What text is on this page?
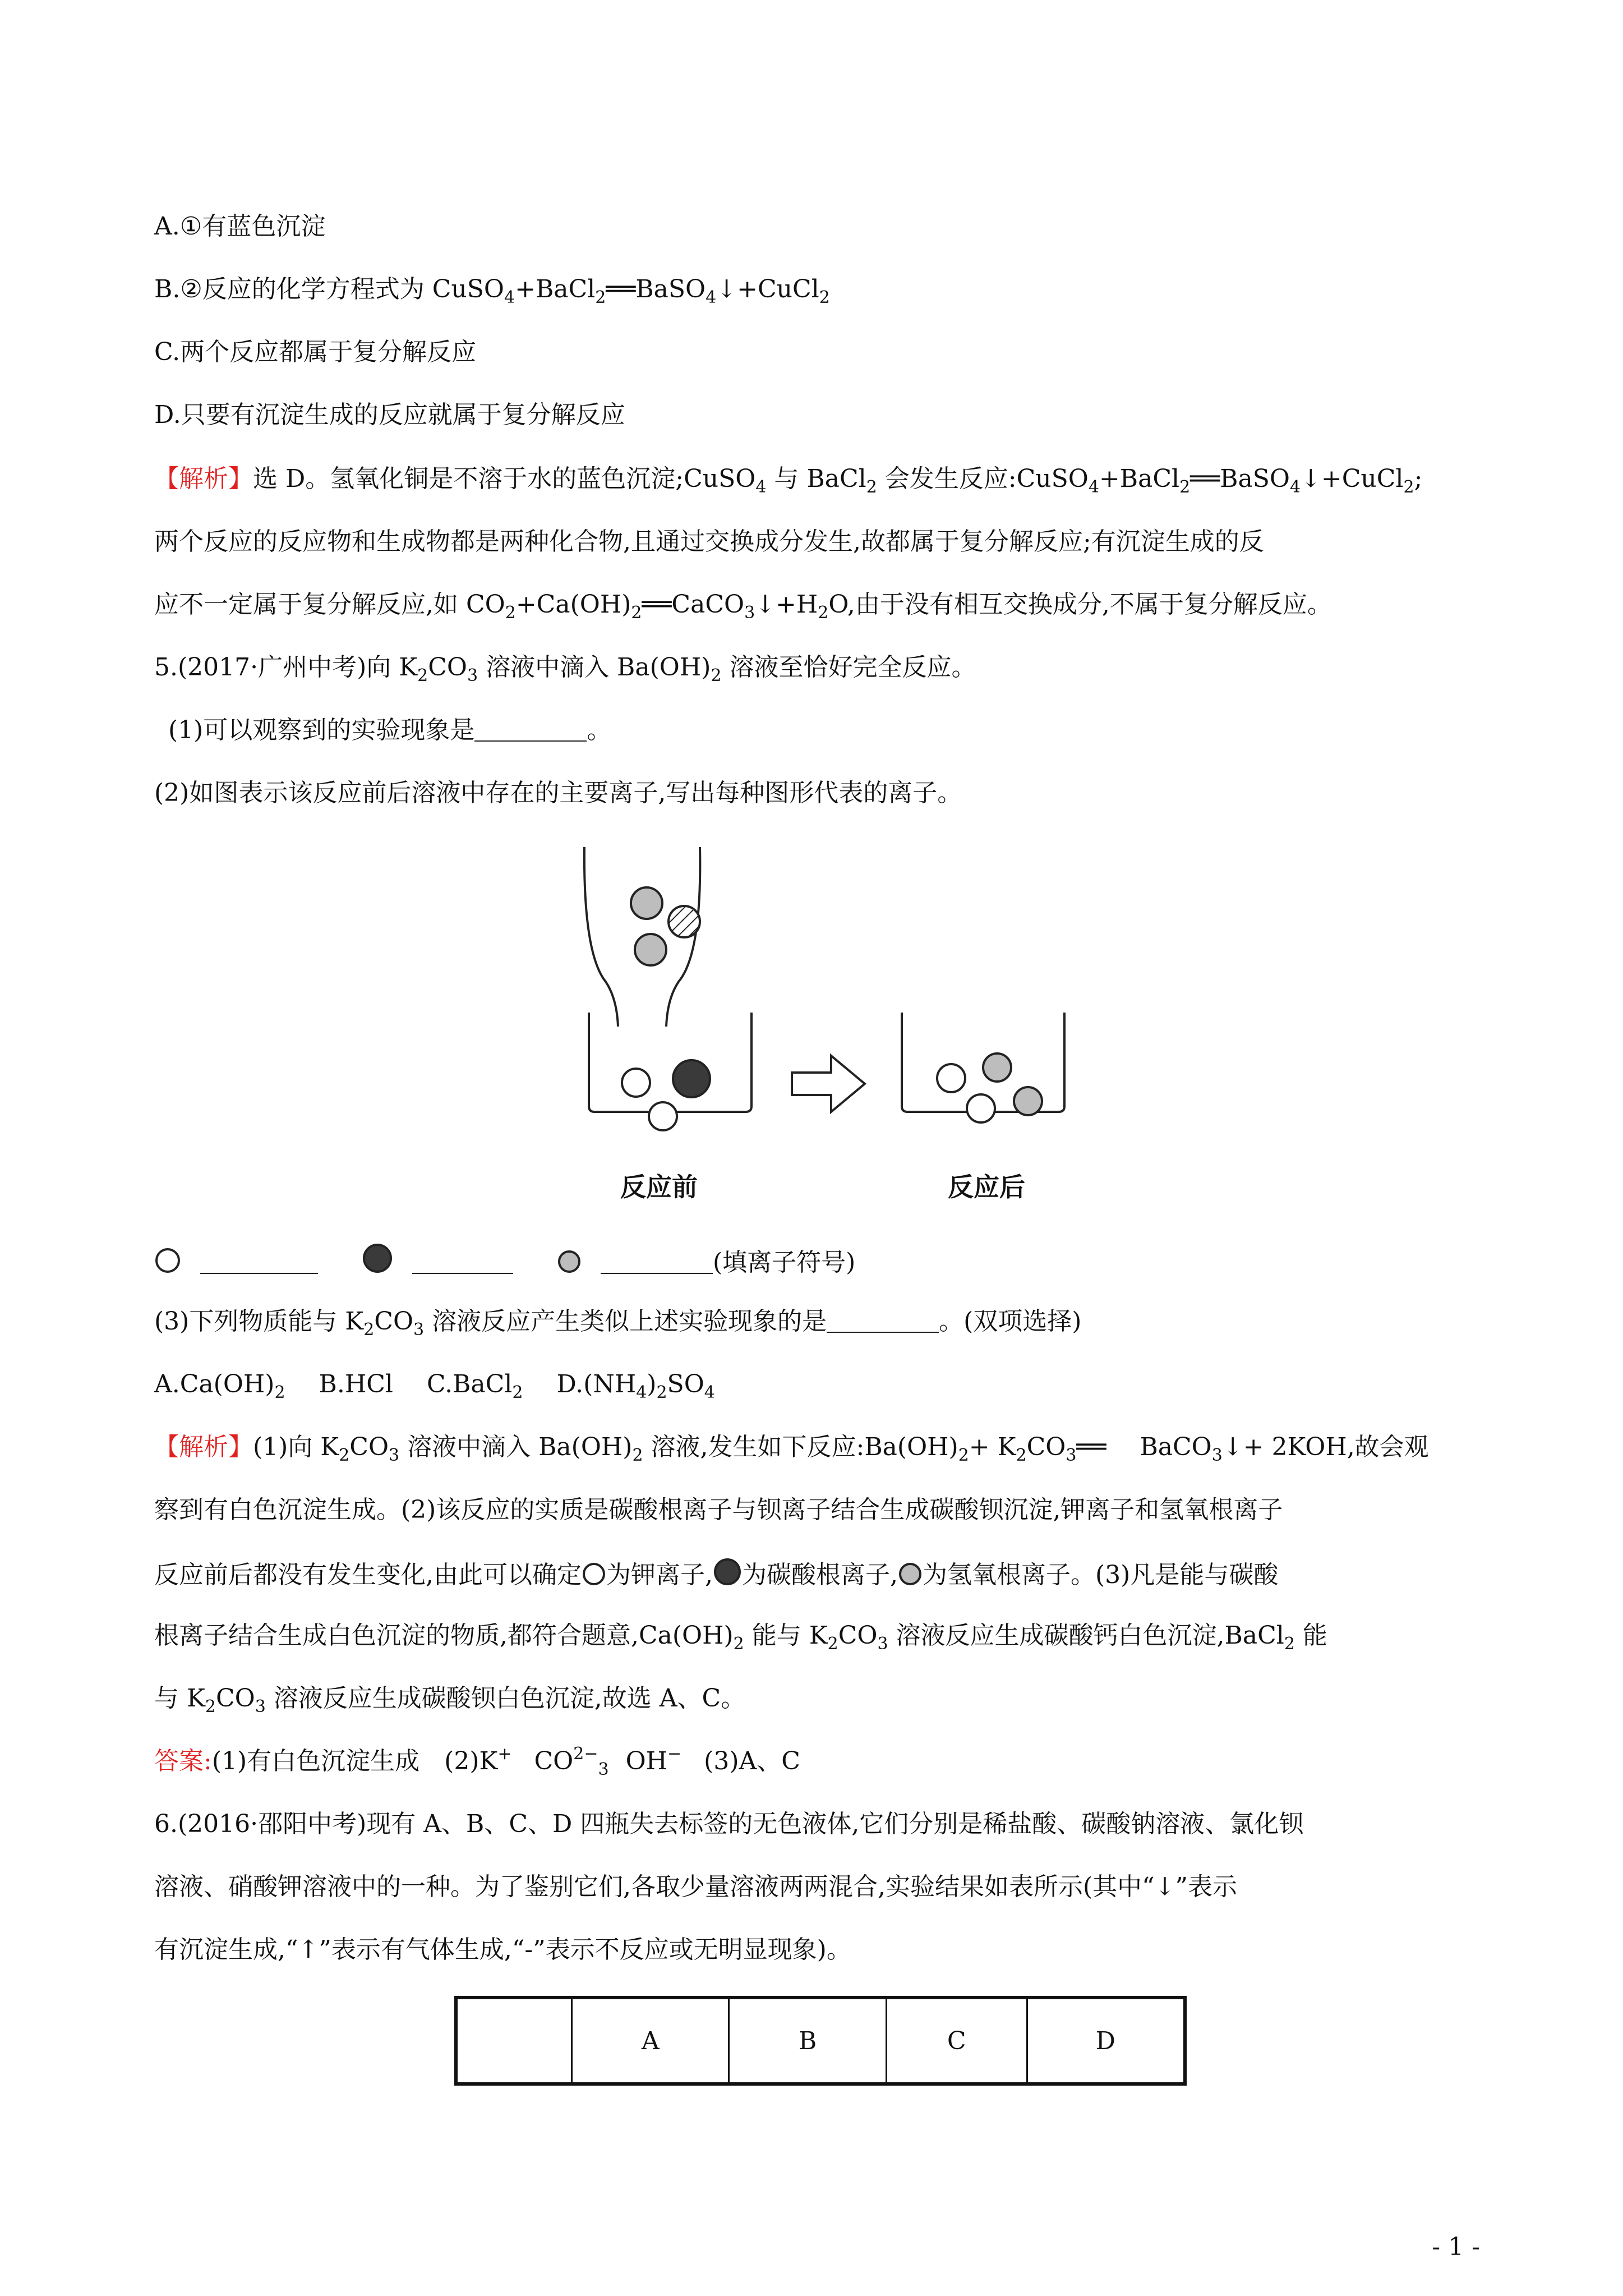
A.①有蓝色沉淀
B.②反应的化学方程式为 CuSO$_4$+BaCl$_2$══BaSO$_4$↓+CuCl$_2$
C.两个反应都属于复分解反应
D.只要有沉淀生成的反应就属于复分解反应
【解析】选 D。氢氧化铜是不溶于水的蓝色沉淀;CuSO$_4$ 与 BaCl$_2$ 会发生反应:CuSO$_4$+BaCl$_2$══BaSO$_4$↓+CuCl$_2$;
两个反应的反应物和生成物都是两种化合物,且通过交换成分发生,故都属于复分解反应;有沉淀生成的反
应不一定属于复分解反应,如 $CO_2+Ca(OH)_2══CaCO_3↓+H_2O$,由于没有相互交换成分,不属于复分解反应。
5.(2017·广州中考)向 $K_2CO_3$ 溶液中滴入 $Ba(OH)_2$ 溶液至恰好完全反应。
(1)可以观察到的实验现象是	。
(2)如图表示该反应前后溶液中存在的主要离子,写出每种图形代表的离子。
反应前	反应后
(填离子符号)
(3)下列物质能与 $K_2CO_3$ 溶液反应产生类似上述实验现象的是	。(双项选择)
$A.Ca(OH)_2$ B.HCl C.BaCl$_2$ $D.(NH_4)_2SO_4$
【解析】(1)向 $K_2CO_3$ 溶液中滴入 $Ba(OH)_2$ 溶液,发生如下反应$:Ba(OH)_2+$ $K_2CO_3══$ BaCO$_3$↓+ 2KOH,故会观
察到有白色沉淀生成。(2)该反应的实质是碳酸根离子与钡离子结合生成碳酸钡沉淀,钾离子和氢氧根离子
反应前后都没有发生变化,由此可以确定 为钾离子, 为碳酸根离子, 为氢氧根离子。(3)凡是能与碳酸
根离子结合生成白色沉淀的物质,都符合题意$,Ca(OH)_2$ 能与 $K_2CO_3$ 溶液反应生成碳酸钙白色沉淀,BaCl$_2$ 能
与 $K_2CO_3$ 溶液反应生成碳酸钡白色沉淀,故选 A、C。
答案:(1)有白色沉淀生成　(2)K+ $CO^{2-}_3$ OH− (3)A、C
6.(2016·邵阳中考)现有 A、B、C、D 四瓶失去标签的无色液体,它们分别是稀盐酸、碳酸钠溶液、氯化钡
溶液、硝酸钾溶液中的一种。为了鉴别它们,各取少量溶液两两混合,实验结果如表所示(其中“↓”表示
有沉淀生成,“↑”表示有气体生成,“-”表示不反应或无明显现象)。
	A	B	C	D
- 1 -
